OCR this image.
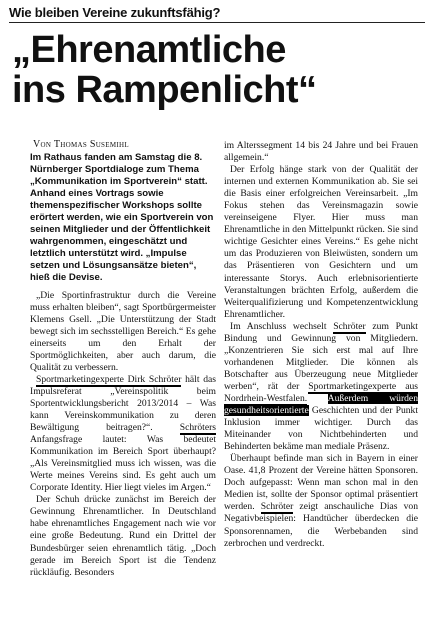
Wie bleiben Vereine zukunftsfähig?
„Ehrenamtliche
ins Rampenlicht“
Von Thomas Susemihl
Im Rathaus fanden am Samstag die 8. Nürnberger Sportdialoge zum Thema „Kommunikation im Sportverein“ statt. Anhand eines Vortrags sowie themenspezifischer Workshops sollte erörtert werden, wie ein Sportverein von seinen Mitglieder und der Öffentlichkeit wahrgenommen, eingeschätzt und letztlich unterstützt wird. „Impulse setzen und Lösungsansätze bieten“, hieß die Devise.

„Die Sportinfrastruktur durch die Vereine muss erhalten bleiben“, sagt Sportbürgermeister Klemens Gsell. „Die Unterstützung der Stadt bewegt sich im sechsstelligen Bereich.“ Es gehe einerseits um den Erhalt der Sportmöglichkeiten, aber auch darum, die Qualität zu verbessern.

Sportmarketingexperte Dirk Schröter hält das Impulsreferat „Vereinspolitik beim Sportentwicklungsbericht 2013/2014 – Was kann Vereinskommunikation zu deren Bewältigung beitragen?“. Schröters Anfangsfrage lautet: Was bedeutet Kommunikation im Bereich Sport überhaupt? „Als Vereinsmitglied muss ich wissen, was die Werte meines Vereins sind. Es geht auch um Corporate Identity. Hier liegt vieles im Argen.“

Der Schuh drücke zunächst im Bereich der Gewinnung Ehrenamtlicher. In Deutschland habe ehrenamtliches Engagement nach wie vor eine große Bedeutung. Rund ein Drittel der Bundesbürger seien ehrenamtlich tätig. „Doch gerade im Bereich Sport ist die Tendenz rückläufig. Besonders

im Alterssegment 14 bis 24 Jahre und bei Frauen allgemein.“

Der Erfolg hänge stark von der Qualität der internen und externen Kommunikation ab. Sie sei die Basis einer erfolgreichen Vereinsarbeit. „Im Fokus stehen das Vereinsmagazin sowie vereinseigene Flyer. Hier muss man Ehrenamtliche in den Mittelpunkt rücken. Sie sind wichtige Gesichter eines Vereins.“ Es gehe nicht um das Produzieren von Bleiwüsten, sondern um das Präsentieren von Gesichtern und um interessante Storys. Auch erlebnisorientierte Veranstaltungen brächten Erfolg, außerdem die Weiterqualifizierung und Kompetenzentwicklung Ehrenamtlicher.

Im Anschluss wechselt Schröter zum Punkt Bindung und Gewinnung von Mitgliedern. „Konzentrieren Sie sich erst mal auf Ihre vorhandenen Mitglieder. Die können als Botschafter aus Überzeugung neue Mitglieder werben“, rät der Sportmarketingexperte aus Nordrhein-Westfalen. Außerdem würden gesundheitsorientierte Geschichten und der Punkt Inklusion immer wichtiger. Durch das Miteinander von Nichtbehinderten und Behinderten bekäme man mediale Präsenz.

Überhaupt befinde man sich in Bayern in einer Oase. 41,8 Prozent der Vereine hätten Sponsoren. Doch aufgepasst: Wenn man schon mal in den Medien ist, sollte der Sponsor optimal präsentiert werden. Schröter zeigt anschauliche Dias von Negativbeispielen: Handtücher überdecken die Sponsorennamen, die Werbebanden sind zerbrochen und verdreckt.
